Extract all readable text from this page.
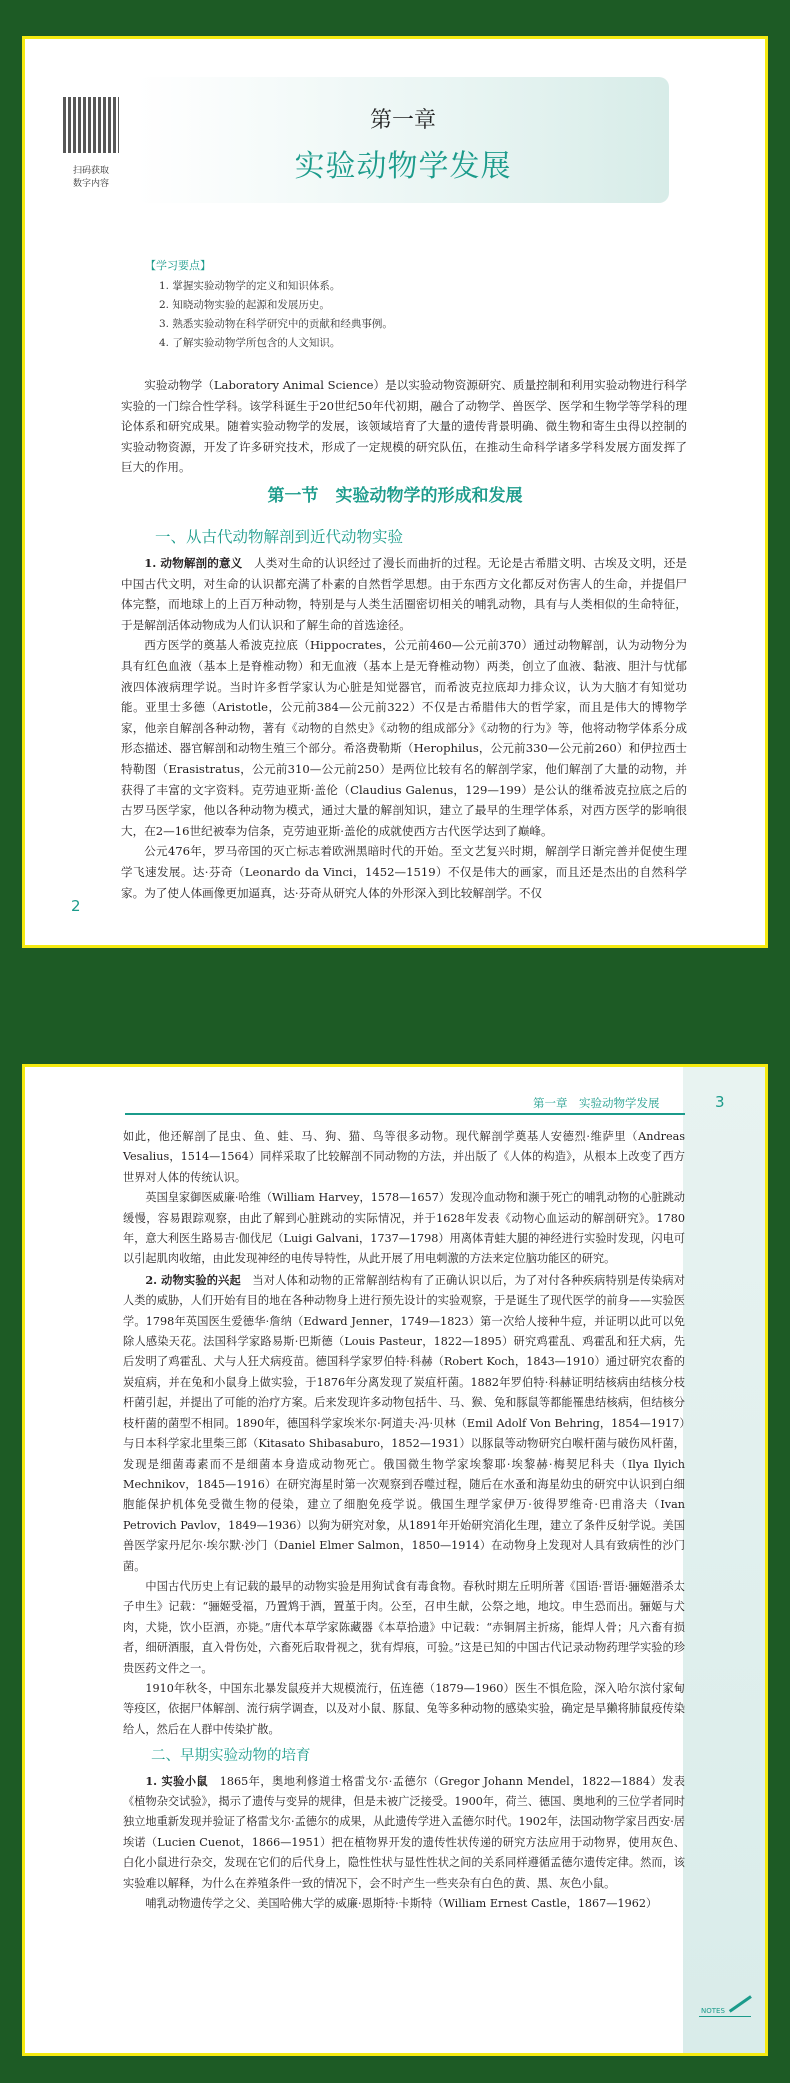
扫码获取
数字内容
第一章
实验动物学发展
【学习要点】
1. 掌握实验动物学的定义和知识体系。
2. 知晓动物实验的起源和发展历史。
3. 熟悉实验动物在科学研究中的贡献和经典事例。
4. 了解实验动物学所包含的人文知识。

实验动物学（Laboratory Animal Science）是以实验动物资源研究、质量控制和利用实验动物进行科学实验的一门综合性学科。该学科诞生于20世纪50年代初期，融合了动物学、兽医学、医学和生物学等学科的理论体系和研究成果。随着实验动物学的发展，该领域培育了大量的遗传背景明确、微生物和寄生虫得以控制的实验动物资源，开发了许多研究技术，形成了一定规模的研究队伍，在推动生命科学诸多学科发展方面发挥了巨大的作用。

第一节　实验动物学的形成和发展
一、从古代动物解剖到近代动物实验

1. 动物解剖的意义　 人类对生命的认识经过了漫长而曲折的过程。无论是古希腊文明、古埃及文明，还是中国古代文明，对生命的认识都充满了朴素的自然哲学思想。由于东西方文化都反对伤害人的生命，并提倡尸体完整，而地球上的上百万种动物，特别是与人类生活圈密切相关的哺乳动物，具有与人类相似的生命特征，于是解剖活体动物成为人们认识和了解生命的首选途径。

西方医学的奠基人希波克拉底（Hippocrates，公元前460—公元前370）通过动物解剖，认为动物分为具有红色血液（基本上是脊椎动物）和无血液（基本上是无脊椎动物）两类，创立了血液、黏液、胆汁与忧郁液四体液病理学说。当时许多哲学家认为心脏是知觉器官，而希波克拉底却力排众议，认为大脑才有知觉功能。亚里士多德（Aristotle，公元前384—公元前322）不仅是古希腊伟大的哲学家，而且是伟大的博物学家，他亲自解剖各种动物，著有《动物的自然史》《动物的组成部分》《动物的行为》等，他将动物学体系分成形态描述、器官解剖和动物生殖三个部分。希洛费勒斯（Herophilus，公元前330—公元前260）和伊拉西士特勒图（Erasistratus，公元前310—公元前250）是两位比较有名的解剖学家，他们解剖了大量的动物，并获得了丰富的文字资料。克劳迪亚斯·盖伦（Claudius Galenus，129—199）是公认的继希波克拉底之后的古罗马医学家，他以各种动物为模式，通过大量的解剖知识，建立了最早的生理学体系，对西方医学的影响很大，在2—16世纪被奉为信条，克劳迪亚斯·盖伦的成就使西方古代医学达到了巅峰。

公元476年，罗马帝国的灭亡标志着欧洲黑暗时代的开始。至文艺复兴时期，解剖学日渐完善并促使生理学飞速发展。达·芬奇（Leonardo da Vinci，1452—1519）不仅是伟大的画家，而且还是杰出的自然科学家。为了使人体画像更加逼真，达·芬奇从研究人体的外形深入到比较解剖学。不仅

2
第一章　实验动物学发展	3

如此，他还解剖了昆虫、鱼、蛙、马、狗、猫、鸟等很多动物。现代解剖学奠基人安德烈·维萨里（Andreas Vesalius，1514—1564）同样采取了比较解剖不同动物的方法，并出版了《人体的构造》，从根本上改变了西方世界对人体的传统认识。

英国皇家御医威廉·哈维（William Harvey，1578—1657）发现冷血动物和濒于死亡的哺乳动物的心脏跳动缓慢，容易跟踪观察，由此了解到心脏跳动的实际情况，并于1628年发表《动物心血运动的解剖研究》。1780年，意大利医生路易吉·伽伐尼（Luigi Galvani，1737—1798）用离体青蛙大腿的神经进行实验时发现，闪电可以引起肌肉收缩，由此发现神经的电传导特性，从此开展了用电刺激的方法来定位脑功能区的研究。

2. 动物实验的兴起　 当对人体和动物的正常解剖结构有了正确认识以后，为了对付各种疾病特别是传染病对人类的威胁，人们开始有目的地在各种动物身上进行预先设计的实验观察，于是诞生了现代医学的前身——实验医学。1798年英国医生爱德华·詹纳（Edward Jenner，1749—1823）第一次给人接种牛痘，并证明以此可以免除人感染天花。法国科学家路易斯·巴斯德（Louis Pasteur，1822—1895）研究鸡霍乱、鸡霍乱和狂犬病，先后发明了鸡霍乱、犬与人狂犬病疫苗。德国科学家罗伯特·科赫（Robert Koch，1843—1910）通过研究农畜的炭疽病，并在兔和小鼠身上做实验，于1876年分离发现了炭疽杆菌。1882年罗伯特·科赫证明结核病由结核分枝杆菌引起，并提出了可能的治疗方案。后来发现许多动物包括牛、马、猴、兔和豚鼠等都能罹患结核病，但结核分枝杆菌的菌型不相同。1890年，德国科学家埃米尔·阿道夫·冯·贝林（Emil Adolf Von Behring，1854—1917）与日本科学家北里柴三郎（Kitasato Shibasaburo，1852—1931）以豚鼠等动物研究白喉杆菌与破伤风杆菌，发现是细菌毒素而不是细菌本身造成动物死亡。俄国微生物学家埃黎耶·埃黎赫·梅契尼科夫（Ilya Ilyich Mechnikov，1845—1916）在研究海星时第一次观察到吞噬过程，随后在水蚤和海星幼虫的研究中认识到白细胞能保护机体免受微生物的侵染，建立了细胞免疫学说。俄国生理学家伊万·彼得罗维奇·巴甫洛夫（Ivan Petrovich Pavlov，1849—1936）以狗为研究对象，从1891年开始研究消化生理，建立了条件反射学说。美国兽医学家丹尼尔·埃尔默·沙门（Daniel Elmer Salmon，1850—1914）在动物身上发现对人具有致病性的沙门菌。

中国古代历史上有记载的最早的动物实验是用狗试食有毒食物。春秋时期左丘明所著《国语·晋语·骊姬潜杀太子申生》记载：“骊姬受福，乃置鸩于酒，置堇于肉。公至，召申生献，公祭之地，地坟。申生恐而出。骊姬与犬肉，犬毙，饮小臣酒，亦毙。”唐代本草学家陈藏器《本草拾遗》中记载：“赤铜屑主折疡，能焊人骨；凡六畜有损者，细研酒服，直入骨伤处，六畜死后取骨视之，犹有焊痕，可验。”这是已知的中国古代记录动物药理学实验的珍贵医药文件之一。

1910年秋冬，中国东北暴发鼠疫并大规模流行，伍连德（1879—1960）医生不惧危险，深入哈尔滨付家甸等疫区，依据尸体解剖、流行病学调查，以及对小鼠、豚鼠、兔等多种动物的感染实验，确定是旱獭将肺鼠疫传染给人，然后在人群中传染扩散。

二、早期实验动物的培育

1. 实验小鼠　 1865年，奥地利修道士格雷戈尔·孟德尔（Gregor Johann Mendel，1822—1884）发表《植物杂交试验》，揭示了遗传与变异的规律，但是未被广泛接受。1900年，荷兰、德国、奥地利的三位学者同时独立地重新发现并验证了格雷戈尔·孟德尔的成果，从此遗传学进入孟德尔时代。1902年，法国动物学家吕西安·居埃诺（Lucien Cuenot，1866—1951）把在植物界开发的遗传性状传递的研究方法应用于动物界，使用灰色、白化小鼠进行杂交，发现在它们的后代身上，隐性性状与显性性状之间的关系同样遵循孟德尔遗传定律。然而，该实验难以解释，为什么在养殖条件一致的情况下，会不时产生一些夹杂有白色的黄、黑、灰色小鼠。

哺乳动物遗传学之父、美国哈佛大学的威廉·恩斯特·卡斯特（William Ernest Castle，1867—1962）

NOTES
